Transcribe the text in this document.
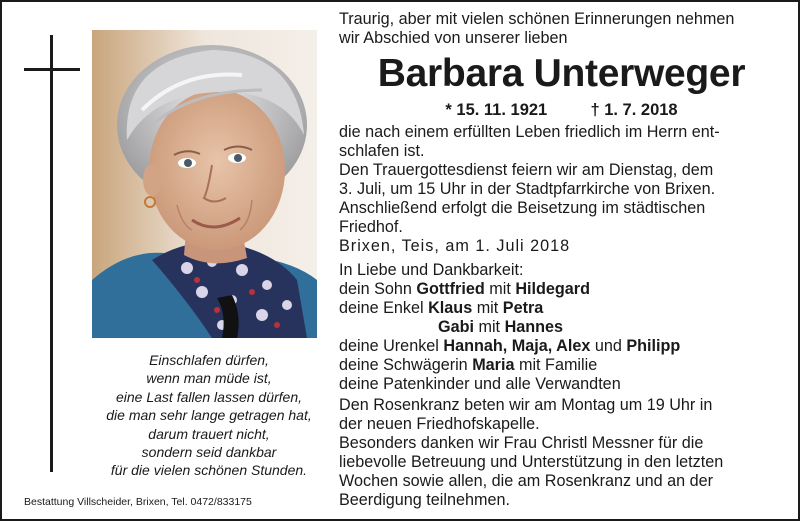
Einschlafen dürfen,
wenn man müde ist,
eine Last fallen lassen dürfen,
die man sehr lange getragen hat,
darum trauert nicht,
sondern seid dankbar
für die vielen schönen Stunden.
Bestattung Villscheider, Brixen, Tel. 0472/833175
Traurig, aber mit vielen schönen Erinnerungen nehmen
wir Abschied von unserer lieben
Barbara Unterweger
* 15. 11. 1921	† 1. 7. 2018
die nach einem erfüllten Leben friedlich im Herrn ent-
schlafen ist.
Den Trauergottesdienst feiern wir am Dienstag, dem
3. Juli, um 15 Uhr in der Stadtpfarrkirche von Brixen.
Anschließend erfolgt die Beisetzung im städtischen
Friedhof.
Brixen, Teis, am 1. Juli 2018
In Liebe und Dankbarkeit:
dein Sohn Gottfried mit Hildegard
deine Enkel Klaus mit Petra
Gabi mit Hannes
deine Urenkel Hannah, Maja, Alex und Philipp
deine Schwägerin Maria mit Familie
deine Patenkinder und alle Verwandten
Den Rosenkranz beten wir am Montag um 19 Uhr in
der neuen Friedhofskapelle.
Besonders danken wir Frau Christl Messner für die
liebevolle Betreuung und Unterstützung in den letzten
Wochen sowie allen, die am Rosenkranz und an der
Beerdigung teilnehmen.
